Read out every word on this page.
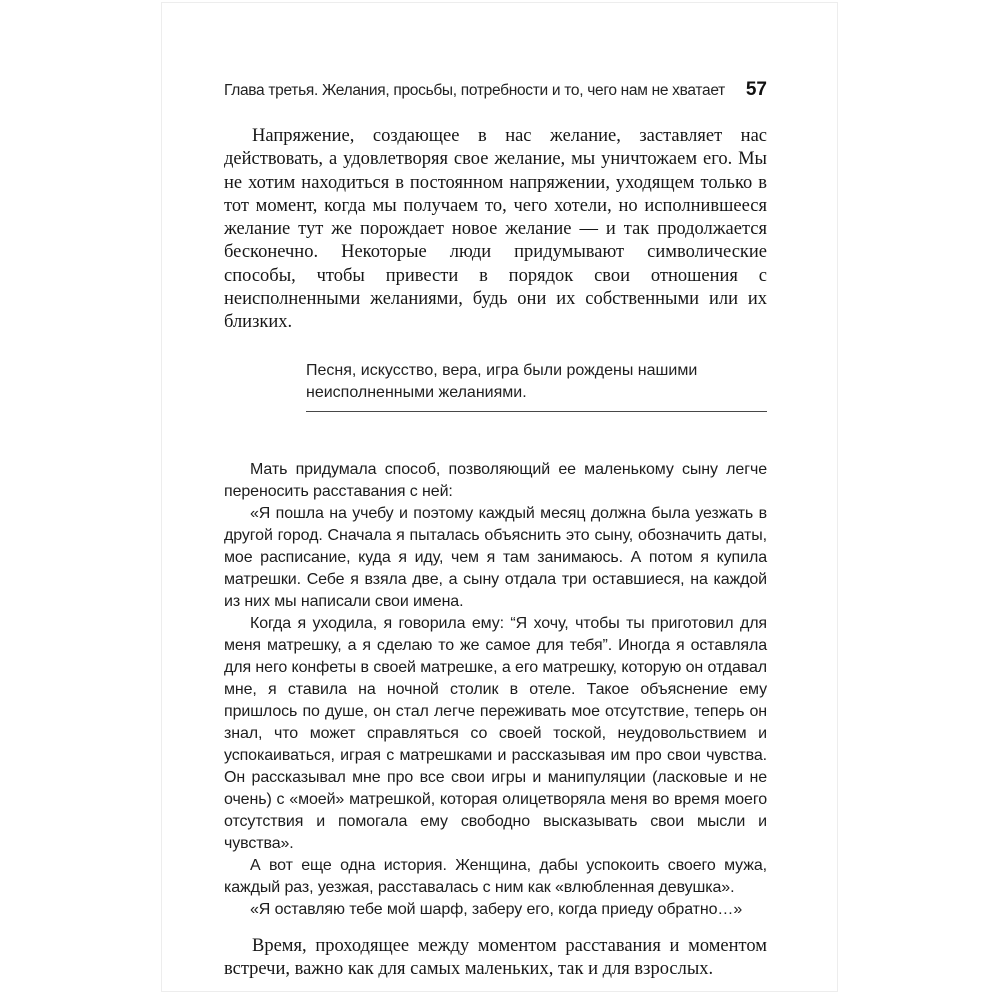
Глава третья. Желания, просьбы, потребности и то, чего нам не хватает	57

Напряжение, создающее в нас желание, заставляет нас действовать, а удовлетворяя свое желание, мы уничтожаем его. Мы не хотим находиться в постоянном напряжении, уходящем только в тот момент, когда мы получаем то, чего хотели, но исполнившееся желание тут же порождает новое желание — и так продолжается бесконечно. Некоторые люди придумывают символические способы, чтобы привести в порядок свои отношения с неисполненными желаниями, будь они их собственными или их близких.

Песня, искусство, вера, игра были рождены нашими неисполненными желаниями.

Мать придумала способ, позволяющий ее маленькому сыну легче переносить расставания с ней:

«Я пошла на учебу и поэтому каждый месяц должна была уезжать в другой город. Сначала я пыталась объяснить это сыну, обозначить даты, мое расписание, куда я иду, чем я там занимаюсь. А потом я купила матрешки. Себе я взяла две, а сыну отдала три оставшиеся, на каждой из них мы написали свои имена.

Когда я уходила, я говорила ему: “Я хочу, чтобы ты приготовил для меня матрешку, а я сделаю то же самое для тебя”. Иногда я оставляла для него конфеты в своей матрешке, а его матрешку, которую он отдавал мне, я ставила на ночной столик в отеле. Такое объяснение ему пришлось по душе, он стал легче переживать мое отсутствие, теперь он знал, что может справляться со своей тоской, неудовольствием и успокаиваться, играя с матрешками и рассказывая им про свои чувства. Он рассказывал мне про все свои игры и манипуляции (ласковые и не очень) с «моей» матрешкой, которая олицетворяла меня во время моего отсутствия и помогала ему свободно высказывать свои мысли и чувства».

А вот еще одна история. Женщина, дабы успокоить своего мужа, каждый раз, уезжая, расставалась с ним как «влюбленная девушка».

«Я оставляю тебе мой шарф, заберу его, когда приеду обратно…»

Время, проходящее между моментом расставания и моментом встречи, важно как для самых маленьких, так и для взрослых.
